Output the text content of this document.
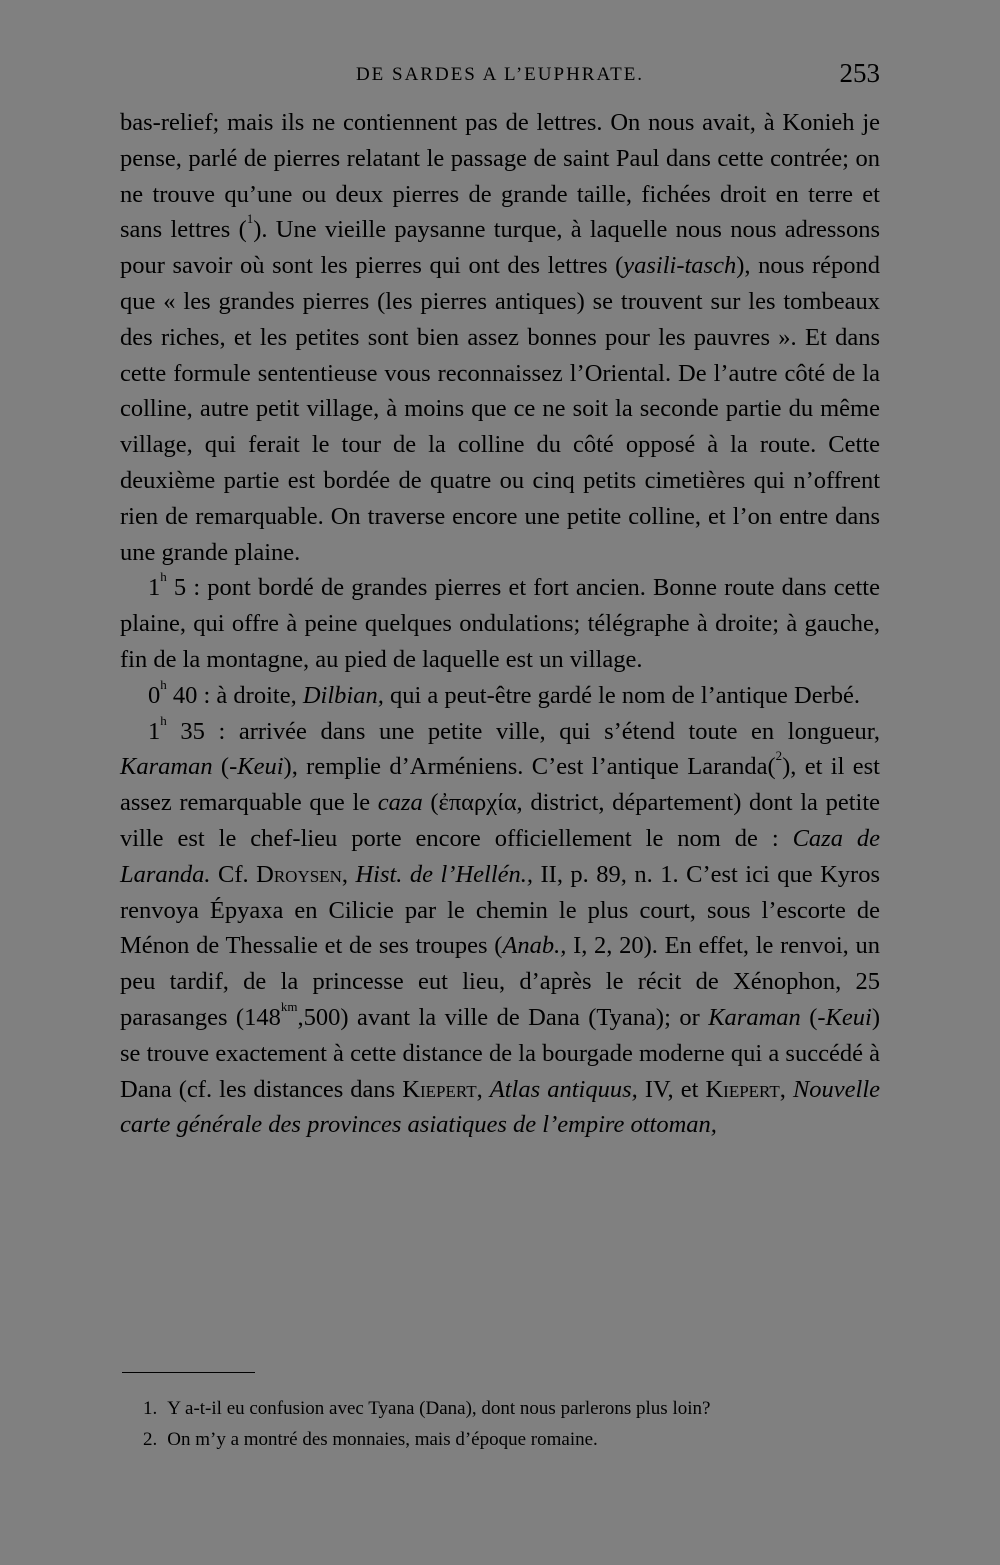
DE SARDES A L’EUPHRATE.	253

bas-relief; mais ils ne contiennent pas de lettres. On nous avait, à Konieh je pense, parlé de pierres relatant le passage de saint Paul dans cette contrée; on ne trouve qu’une ou deux pierres de grande taille, fichées droit en terre et sans lettres ($^1$). Une vieille paysanne turque, à laquelle nous nous adressons pour savoir où sont les pierres qui ont des lettres (yasili-tasch), nous répond que « les grandes pierres (les pierres antiques) se trouvent sur les tombeaux des riches, et les petites sont bien assez bonnes pour les pauvres ». Et dans cette formule sententieuse vous reconnaissez l’Oriental. De l’autre côté de la colline, autre petit village, à moins que ce ne soit la seconde partie du même village, qui ferait le tour de la colline du côté opposé à la route. Cette deuxième partie est bordée de quatre ou cinq petits cimetières qui n’offrent rien de remarquable. On traverse encore une petite colline, et l’on entre dans une grande plaine.

1$^h$ 5 : pont bordé de grandes pierres et fort ancien. Bonne route dans cette plaine, qui offre à peine quelques ondulations; télégraphe à droite; à gauche, fin de la montagne, au pied de laquelle est un village.

0$^h$ 40 : à droite, Dilbian, qui a peut-être gardé le nom de l’antique Derbé.

1$^h$ 35 : arrivée dans une petite ville, qui s’étend toute en longueur, Karaman (-Keui), remplie d’Arméniens. C’est l’antique Laranda($^2$), et il est assez remarquable que le caza (ἐπαρχία, district, département) dont la petite ville est le chef-lieu porte encore officiellement le nom de : Caza de Laranda. Cf. Droysen, Hist. de l’Hellén., II, p. 89, n. 1. C’est ici que Kyros renvoya Épyaxa en Cilicie par le chemin le plus court, sous l’escorte de Ménon de Thessalie et de ses troupes (Anab., I, 2, 20). En effet, le renvoi, un peu tardif, de la princesse eut lieu, d’après le récit de Xénophon, 25 parasanges $(148^{km},500)$ avant la ville de Dana (Tyana); or Karaman (-Keui) se trouve exactement à cette distance de la bourgade moderne qui a succédé à Dana (cf. les distances dans Kiepert, Atlas antiquus, IV, et Kiepert, Nouvelle carte générale des provinces asiatiques de l’empire ottoman,

1. Y a-t-il eu confusion avec Tyana (Dana), dont nous parlerons plus loin?

2. On m’y a montré des monnaies, mais d’époque romaine.
